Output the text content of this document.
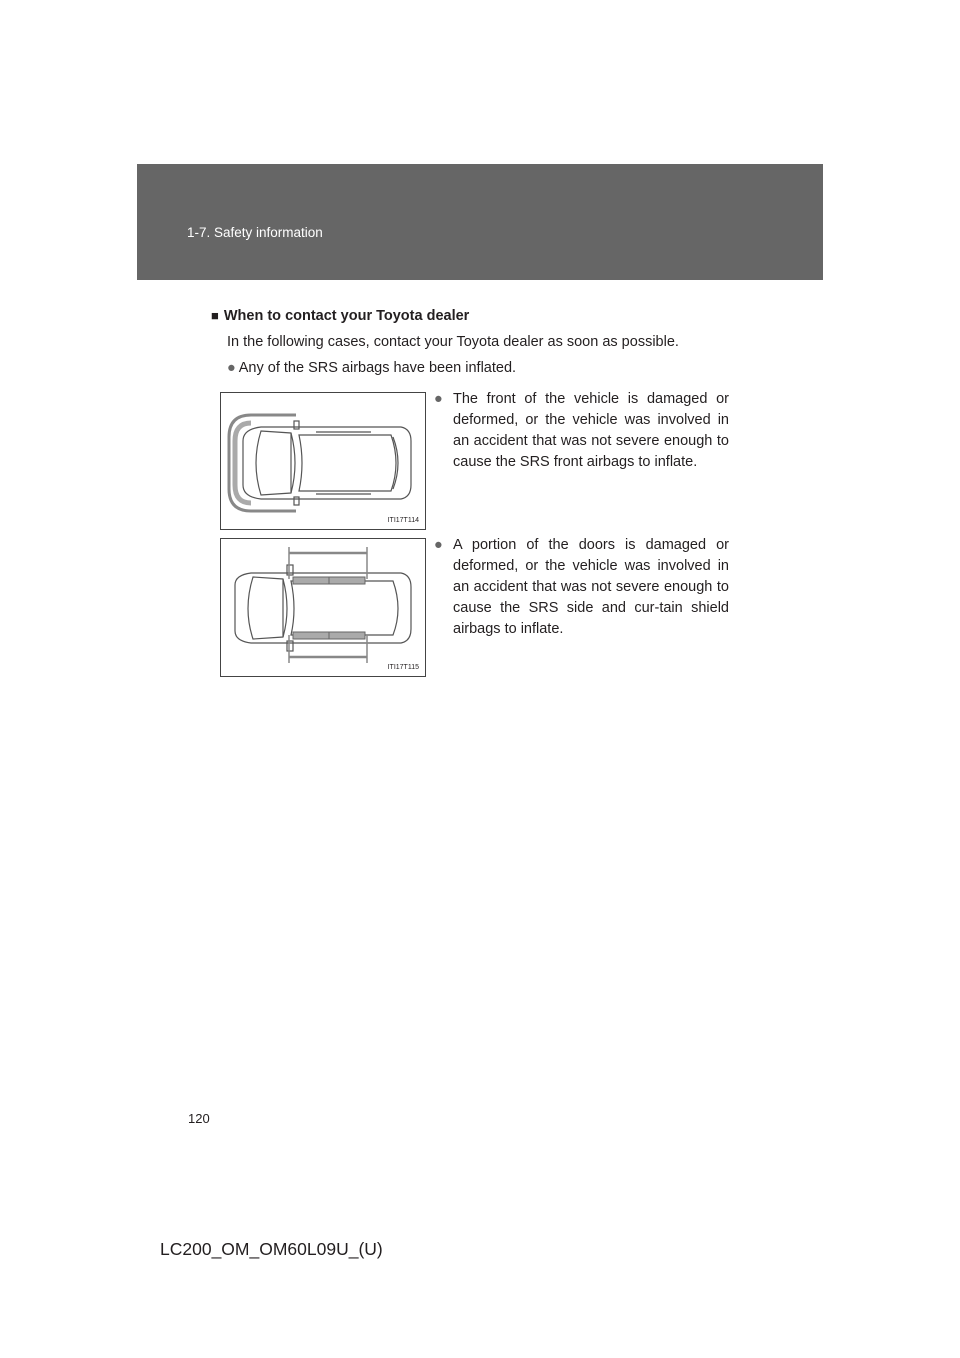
1-7. Safety information
■ When to contact your Toyota dealer
In the following cases, contact your Toyota dealer as soon as possible.
● Any of the SRS airbags have been inflated.
ITI17T114
ITI17T115
● The front of the vehicle is damaged or deformed, or the vehicle was involved in an accident that was not severe enough to cause the SRS front airbags to inflate.
● A portion of the doors is damaged or deformed, or the vehicle was involved in an accident that was not severe enough to cause the SRS side and cur-tain shield airbags to inflate.
120
LC200_OM_OM60L09U_(U)
